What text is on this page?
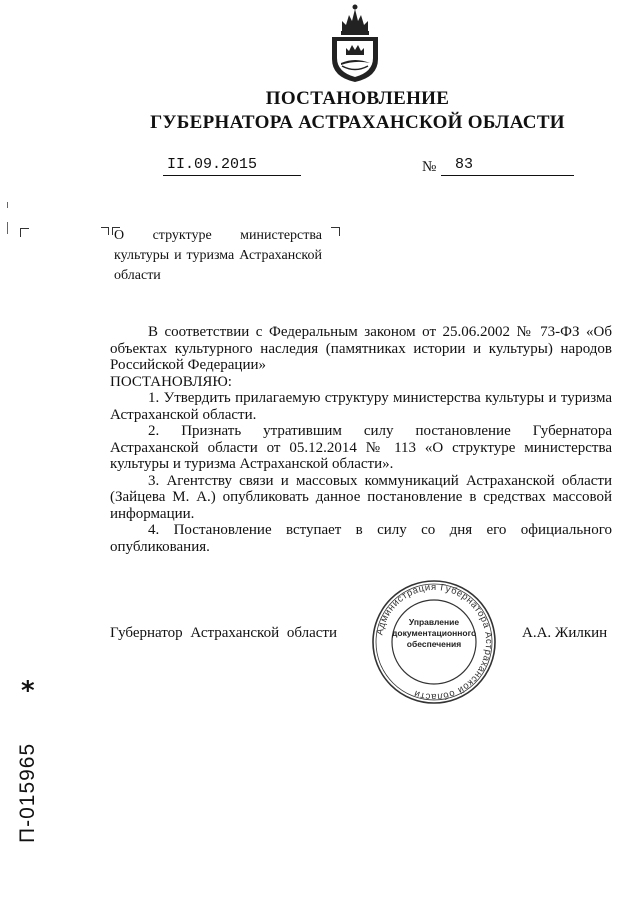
ПОСТАНОВЛЕНИЕ
ГУБЕРНАТОРА АСТРАХАНСКОЙ ОБЛАСТИ
II.09.2015	№	83
О структуре министерства культуры и туризма Астраханской области

В соответствии с Федеральным законом от 25.06.2002 № 73-ФЗ «Об объектах культурного наследия (памятниках истории и культуры) народов Российской Федерации»

ПОСТАНОВЛЯЮ:

1. Утвердить прилагаемую структуру министерства культуры и туризма Астраханской области.

2. Признать утратившим силу постановление Губернатора Астраханской области от 05.12.2014 № 113 «О структуре министерства культуры и туризма Астраханской области».

3. Агентству связи и массовых коммуникаций Астраханской области (Зайцева М. А.) опубликовать данное постановление в средствах массовой информации.

4. Постановление вступает в силу со дня его официального опубликования.

Губернатор Астраханской области	А.А. Жилкин
Администрация Губернатора Астраханской области
Управление документационного обеспечения
*
П-015965
